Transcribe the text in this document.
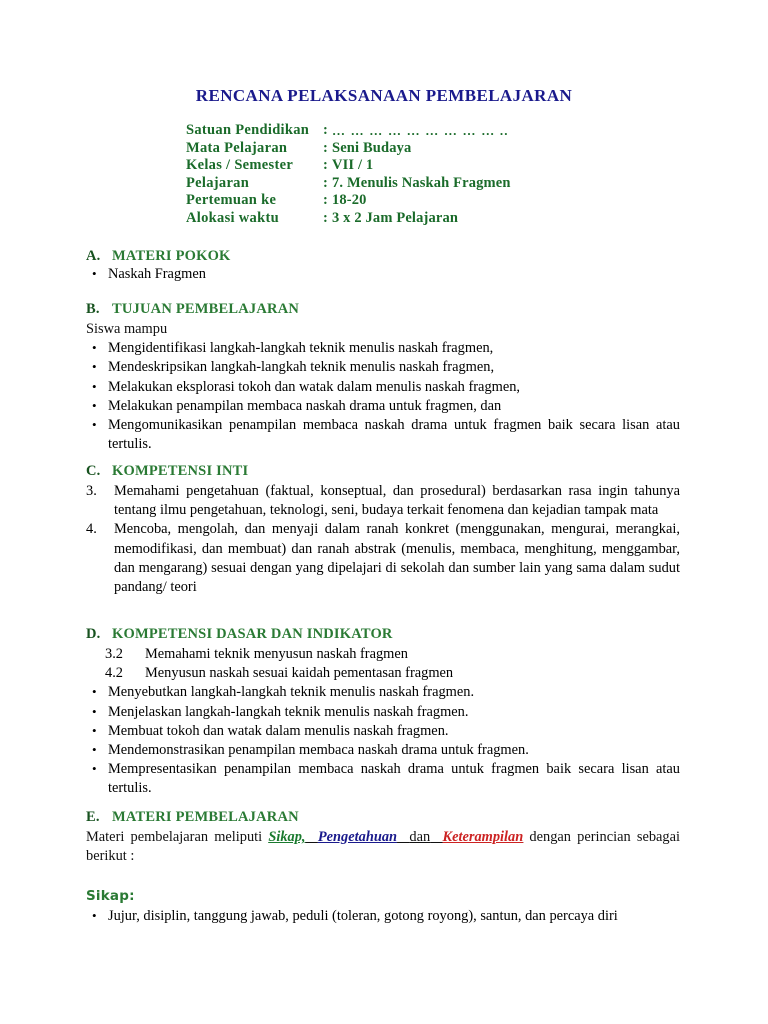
RENCANA PELAKSANAAN PEMBELAJARAN
Satuan Pendidikan : … … … … … … … … … ..
Mata Pelajaran	: Seni Budaya
Kelas / Semester	: VII / 1
Pelajaran	: 7. Menulis Naskah Fragmen
Pertemuan ke	: 18-20
Alokasi waktu	: 3 x 2 Jam Pelajaran
A. MATERI POKOK
• Naskah Fragmen
B. TUJUAN PEMBELAJARAN
Siswa mampu
• Mengidentifikasi langkah-langkah teknik menulis naskah fragmen,
• Mendeskripsikan langkah-langkah teknik menulis naskah fragmen,
• Melakukan eksplorasi tokoh dan watak dalam menulis naskah fragmen,
• Melakukan penampilan membaca naskah drama untuk fragmen, dan
• Mengomunikasikan penampilan membaca naskah drama untuk fragmen baik secara lisan atau tertulis.
C. KOMPETENSI INTI
3.	Memahami pengetahuan (faktual, konseptual, dan prosedural) berdasarkan rasa ingin tahunya tentang ilmu pengetahuan, teknologi, seni, budaya terkait fenomena dan kejadian tampak mata
4.	Mencoba, mengolah, dan menyaji dalam ranah konkret (menggunakan, mengurai, merangkai, memodifikasi, dan membuat) dan ranah abstrak (menulis, membaca, menghitung, menggambar, dan mengarang) sesuai dengan yang dipelajari di sekolah dan sumber lain yang sama dalam sudut pandang/ teori
D. KOMPETENSI DASAR DAN INDIKATOR
3.2	Memahami teknik menyusun naskah fragmen
4.2	Menyusun naskah sesuai kaidah pementasan fragmen
• Menyebutkan langkah-langkah teknik menulis naskah fragmen.
• Menjelaskan langkah-langkah teknik menulis naskah fragmen.
• Membuat tokoh dan watak dalam menulis naskah fragmen.
• Mendemonstrasikan penampilan membaca naskah drama untuk fragmen.
• Mempresentasikan penampilan membaca naskah drama untuk fragmen baik secara lisan atau tertulis.
E. MATERI PEMBELAJARAN
Materi pembelajaran meliputi Sikap, Pengetahuan dan Keterampilan dengan perincian sebagai berikut :
Sikap:
• Jujur, disiplin, tanggung jawab, peduli (toleran, gotong royong), santun, dan percaya diri
